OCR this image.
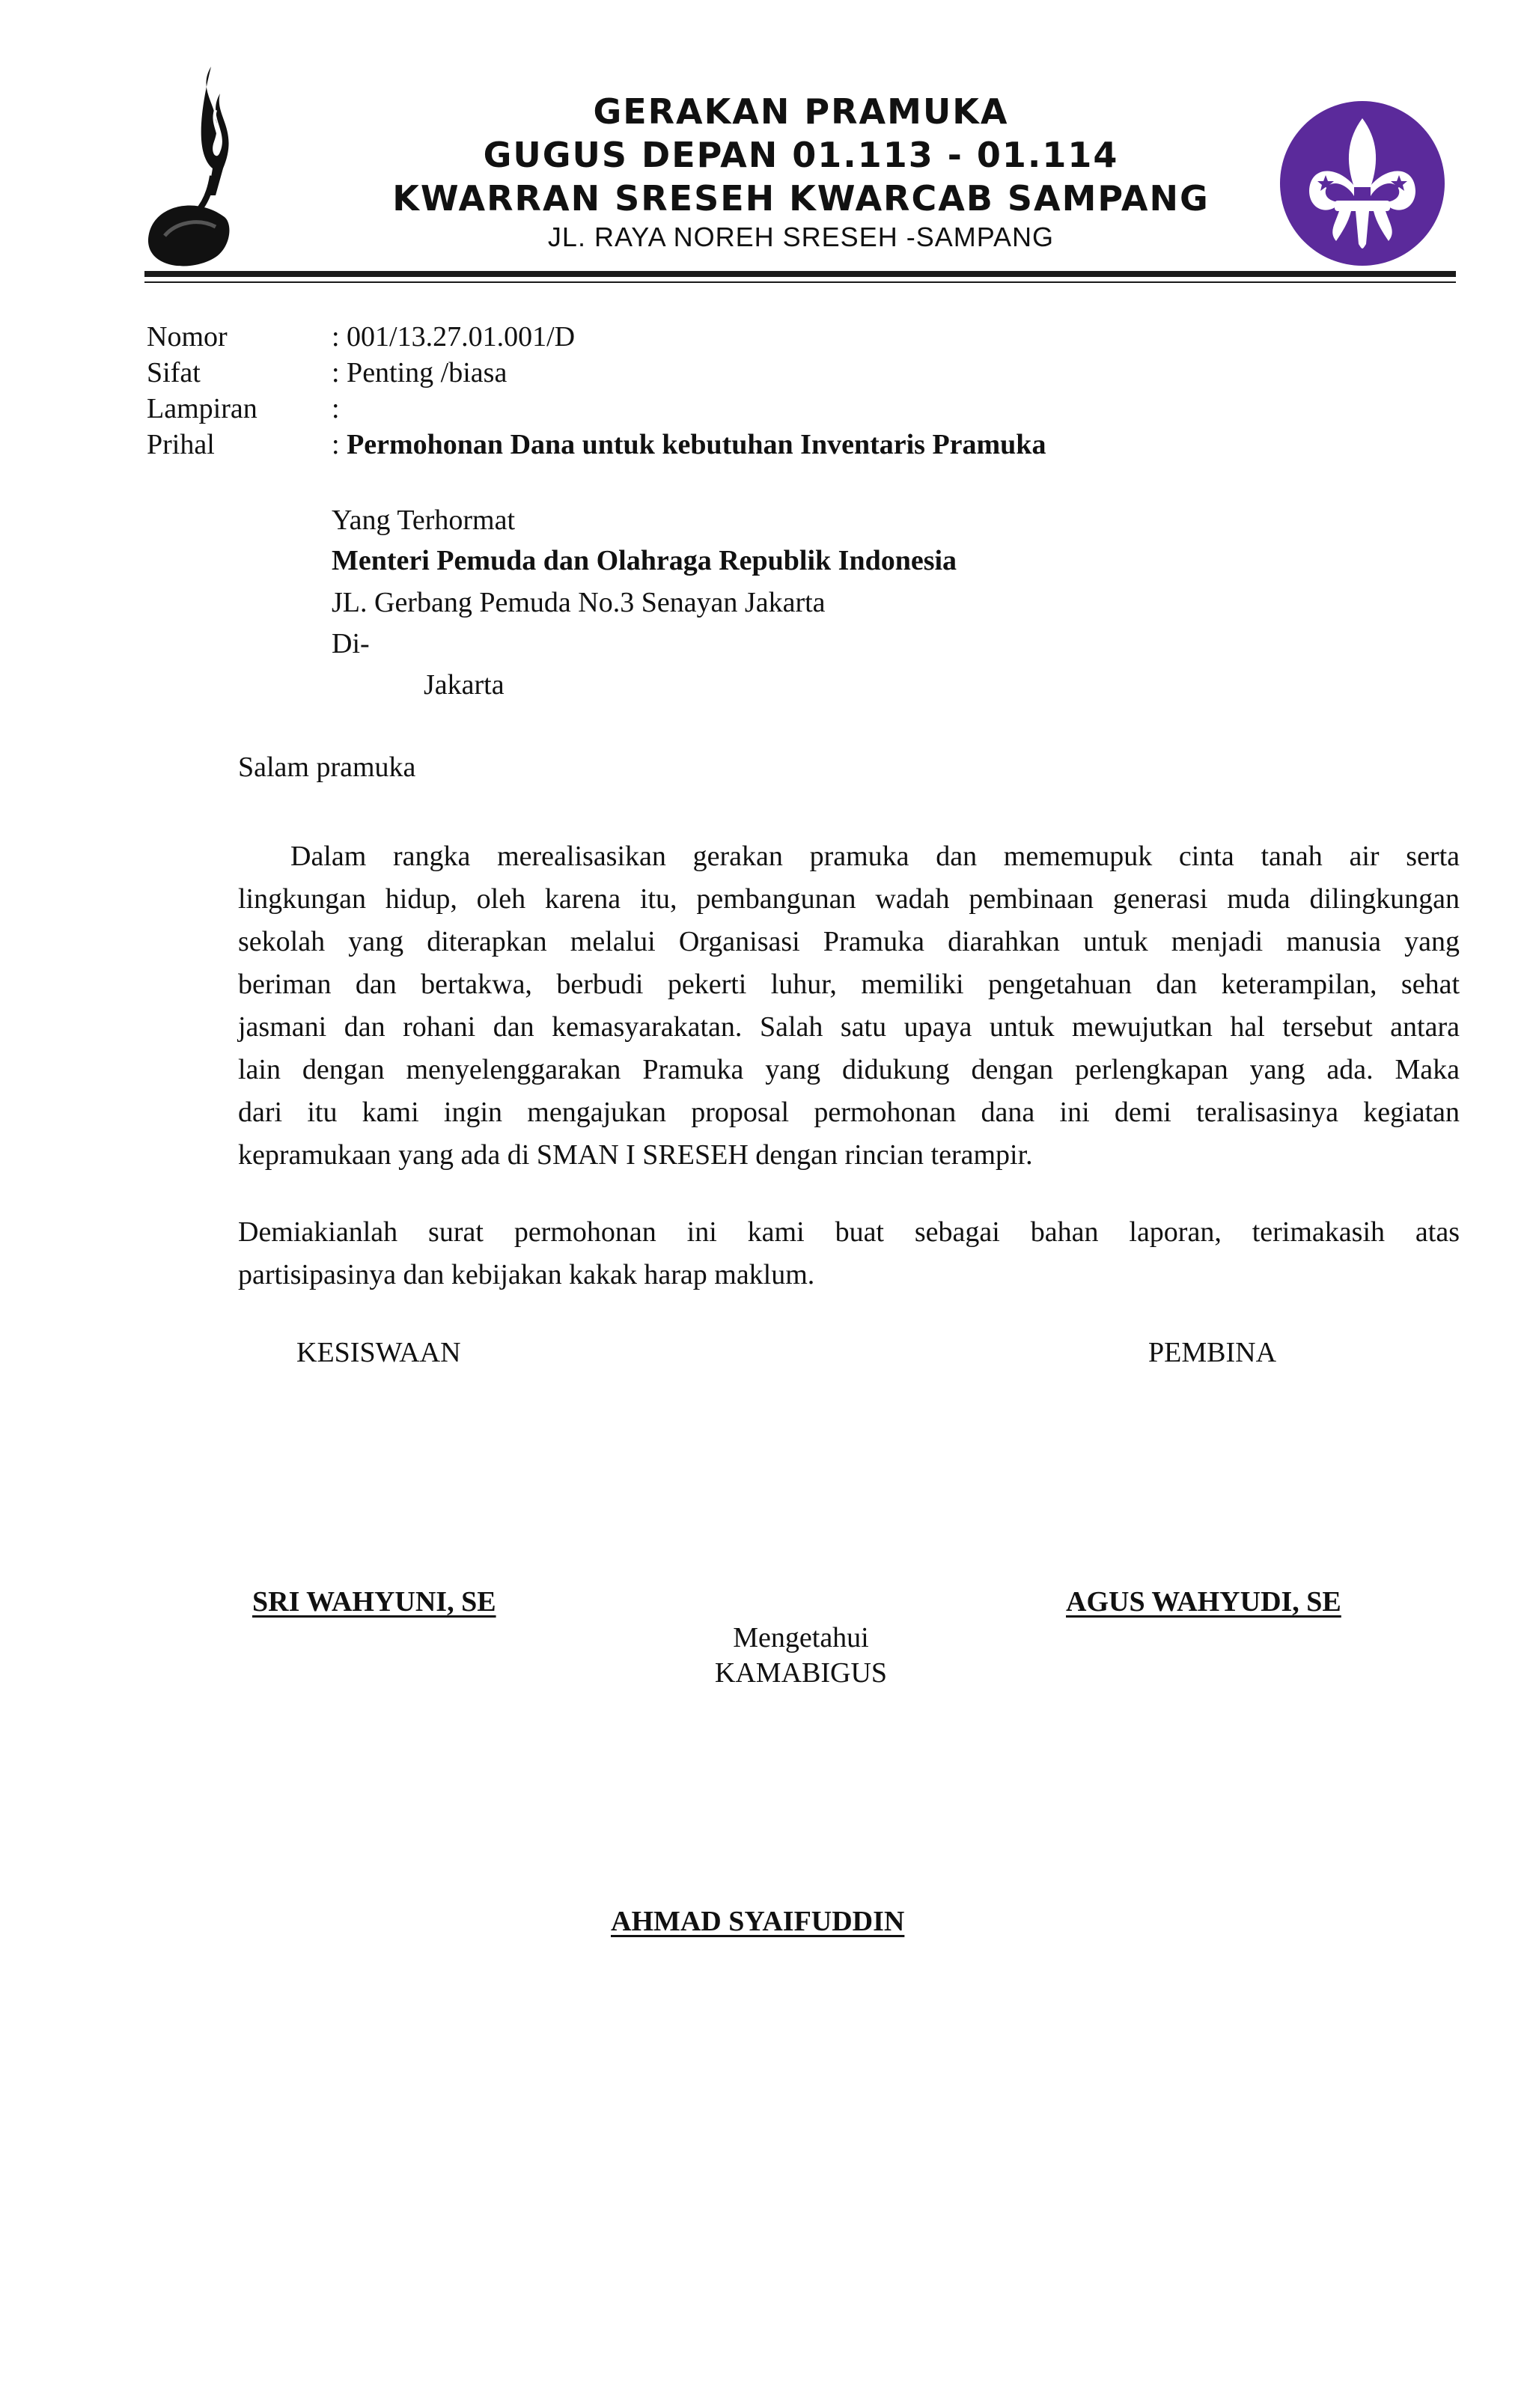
GERAKAN PRAMUKA
GUGUS DEPAN 01.113 - 01.114
KWARRAN SRESEH KWARCAB SAMPANG
JL. RAYA NOREH SRESEH -SAMPANG
Nomor	: 001/13.27.01.001/D
Sifat	: Penting /biasa
Lampiran	:
Prihal	: Permohonan Dana untuk kebutuhan Inventaris Pramuka
Yang Terhormat
Menteri Pemuda dan Olahraga Republik Indonesia
JL. Gerbang Pemuda No.3 Senayan Jakarta
Di-
Jakarta
Salam pramuka
Dalam rangka merealisasikan gerakan pramuka dan mememupuk cinta tanah air serta
lingkungan hidup, oleh karena itu, pembangunan wadah pembinaan generasi muda dilingkungan
sekolah yang diterapkan melalui Organisasi Pramuka diarahkan untuk menjadi manusia yang
beriman dan bertakwa, berbudi pekerti luhur, memiliki pengetahuan dan keterampilan, sehat
jasmani dan rohani dan kemasyarakatan. Salah satu upaya untuk mewujutkan hal tersebut antara
lain dengan menyelenggarakan Pramuka yang didukung dengan perlengkapan yang ada. Maka
dari itu kami ingin mengajukan proposal permohonan dana ini demi teralisasinya kegiatan
kepramukaan yang ada di SMAN I SRESEH dengan rincian terampir.
Demiakianlah surat permohonan ini kami buat sebagai bahan laporan, terimakasih atas
partisipasinya dan kebijakan kakak harap maklum.
KESISWAAN	PEMBINA
SRI WAHYUNI, SE	AGUS WAHYUDI, SE
Mengetahui
KAMABIGUS
AHMAD SYAIFUDDIN
